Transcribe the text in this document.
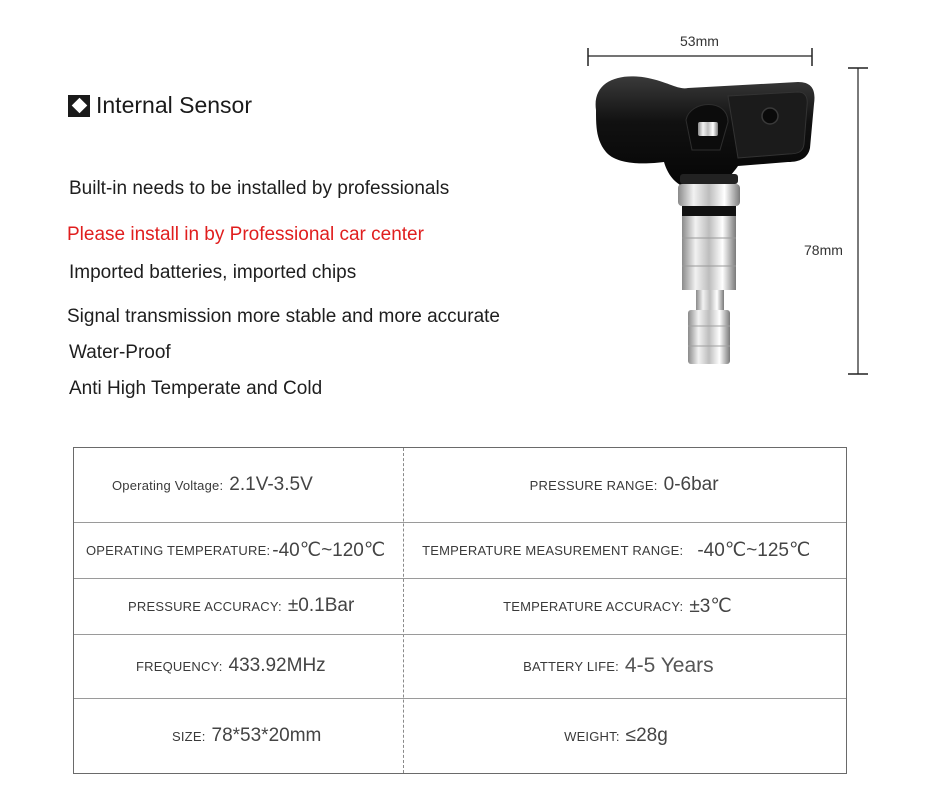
Internal Sensor
Built-in needs to be installed by professionals
Please install in by Professional car center
Imported batteries, imported chips
Signal transmission more stable and more accurate
Water-Proof
Anti High Temperate and Cold
53mm
78mm
Operating Voltage: 2.1V-3.5V	PRESSURE RANGE: 0-6bar
OPERATING TEMPERATURE: -40℃~120℃	TEMPERATURE MEASUREMENT RANGE: -40℃~125℃
PRESSURE ACCURACY: ±0.1Bar	TEMPERATURE ACCURACY: ±3℃
FREQUENCY: 433.92MHz	BATTERY LIFE: 4-5 Years
SIZE: 78*53*20mm	WEIGHT: ≤28g
